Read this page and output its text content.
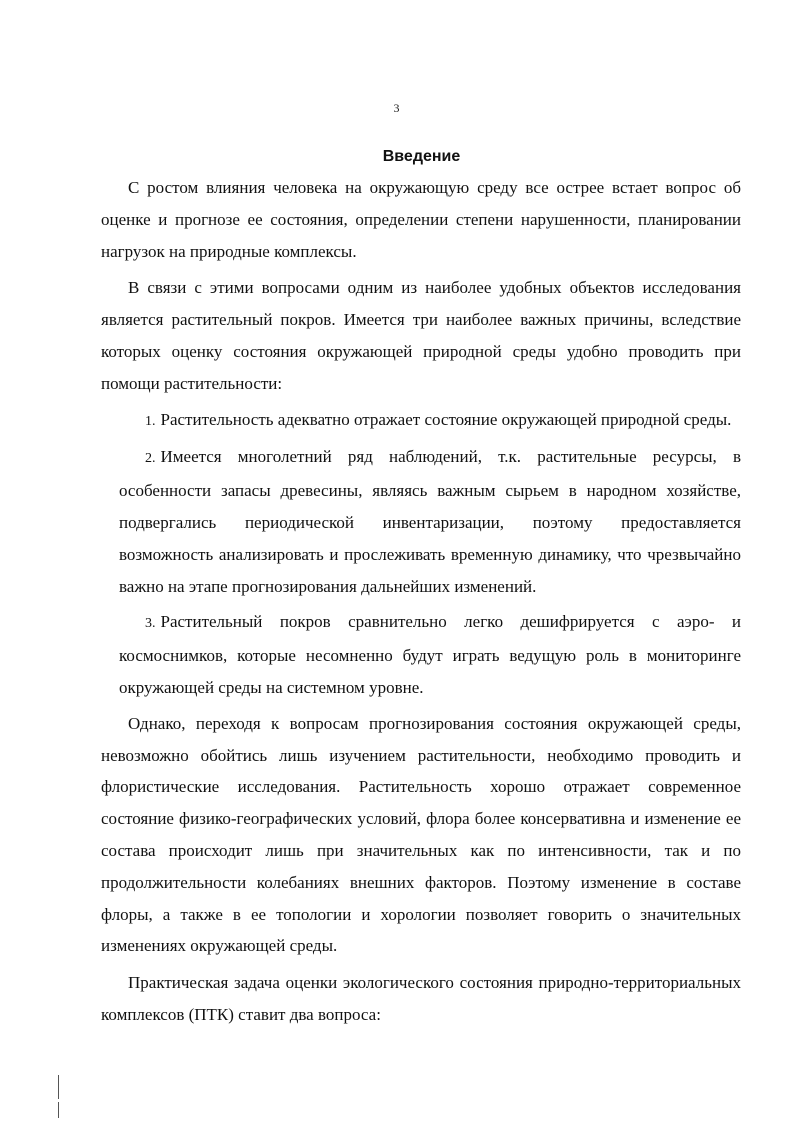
3
Введение

С ростом влияния человека на окружающую среду все острее встает вопрос об оценке и прогнозе ее состояния, определении степени нарушенности, планировании нагрузок на природные комплексы.

В связи с этими вопросами одним из наиболее удобных объектов исследования является растительный покров. Имеется три наиболее важных причины, вследствие которых оценку состояния окружающей природной среды удобно проводить при помощи растительности:

1. Растительность адекватно отражает состояние окружающей природной среды.
2. Имеется многолетний ряд наблюдений, т.к. растительные ресурсы, в особенности запасы древесины, являясь важным сырьем в народном хозяйстве, подвергались периодической инвентаризации, поэтому предоставляется возможность анализировать и прослеживать временную динамику, что чрезвычайно важно на этапе прогнозирования дальнейших изменений.
3. Растительный покров сравнительно легко дешифрируется с аэро- и космоснимков, которые несомненно будут играть ведущую роль в мониторинге окружающей среды на системном уровне.

Однако, переходя к вопросам прогнозирования состояния окружающей среды, невозможно обойтись лишь изучением растительности, необходимо проводить и флористические исследования. Растительность хорошо отражает современное состояние физико-географических условий, флора более консервативна и изменение ее состава происходит лишь при значительных как по интенсивности, так и по продолжительности колебаниях внешних факторов. Поэтому изменение в составе флоры, а также в ее топологии и хорологии позволяет говорить о значительных изменениях окружающей среды.

Практическая задача оценки экологического состояния природно-территориальных комплексов (ПТК) ставит два вопроса:
